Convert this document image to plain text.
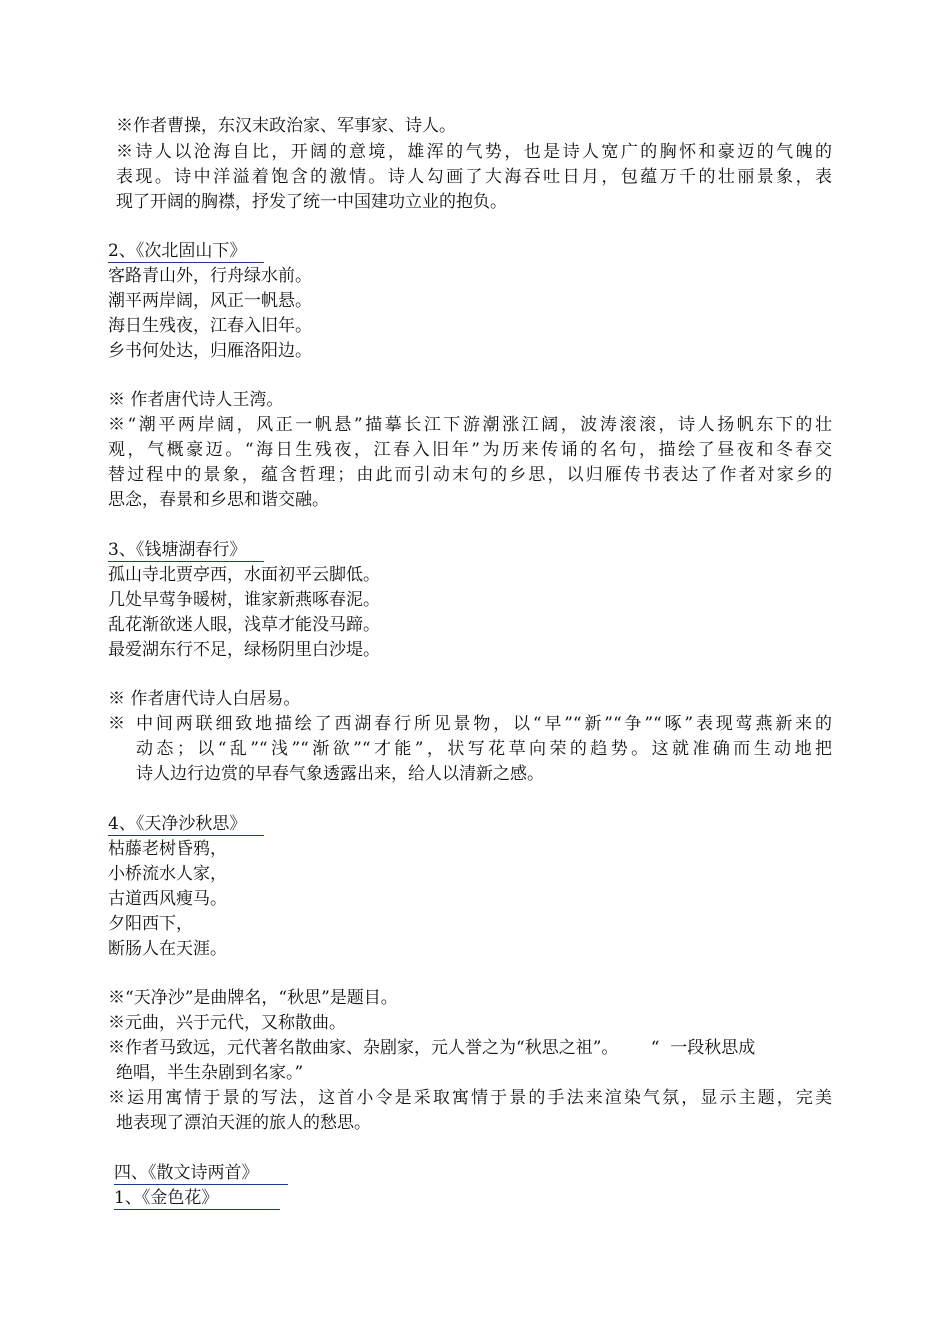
※作者曹操，东汉末政治家、军事家、诗人。
※诗人以沧海自比，开阔的意境，雄浑的气势，也是诗人宽广的胸怀和豪迈的气魄的
表现。诗中洋溢着饱含的激情。诗人勾画了大海吞吐日月，包蕴万千的壮丽景象，表
现了开阔的胸襟，抒发了统一中国建功立业的抱负。
2、《次北固山下》
客路青山外，行舟绿水前。
潮平两岸阔，风正一帆悬。
海日生残夜，江春入旧年。
乡书何处达，归雁洛阳边。
※ 作者唐代诗人王湾。
※“潮平两岸阔，风正一帆悬”描摹长江下游潮涨江阔，波涛滚滚，诗人扬帆东下的壮
观，气概豪迈。“海日生残夜，江春入旧年”为历来传诵的名句，描绘了昼夜和冬春交
替过程中的景象，蕴含哲理；由此而引动末句的乡思，以归雁传书表达了作者对家乡的
思念，春景和乡思和谐交融。
3、《钱塘湖春行》
孤山寺北贾亭西，水面初平云脚低。
几处早莺争暖树，谁家新燕啄春泥。
乱花渐欲迷人眼，浅草才能没马蹄。
最爱湖东行不足，绿杨阴里白沙堤。
※ 作者唐代诗人白居易。
※ 中间两联细致地描绘了西湖春行所见景物，以“早”“新”“争”“啄”表现莺燕新来的
动态；以“乱”“浅”“渐欲”“才能”，状写花草向荣的趋势。这就准确而生动地把
诗人边行边赏的早春气象透露出来，给人以清新之感。
4、《天净沙秋思》
枯藤老树昏鸦，
小桥流水人家，
古道西风瘦马。
夕阳西下，
断肠人在天涯。
※“天净沙”是曲牌名，“秋思”是题目。
※元曲，兴于元代，又称散曲。
※作者马致远，元代著名散曲家、杂剧家，元人誉之为“秋思之祖”。      “  一段秋思成
绝唱，半生杂剧到名家。”
※运用寓情于景的写法，这首小令是采取寓情于景的手法来渲染气氛，显示主题，完美
地表现了漂泊天涯的旅人的愁思。
四、《散文诗两首》
1、《金色花》
